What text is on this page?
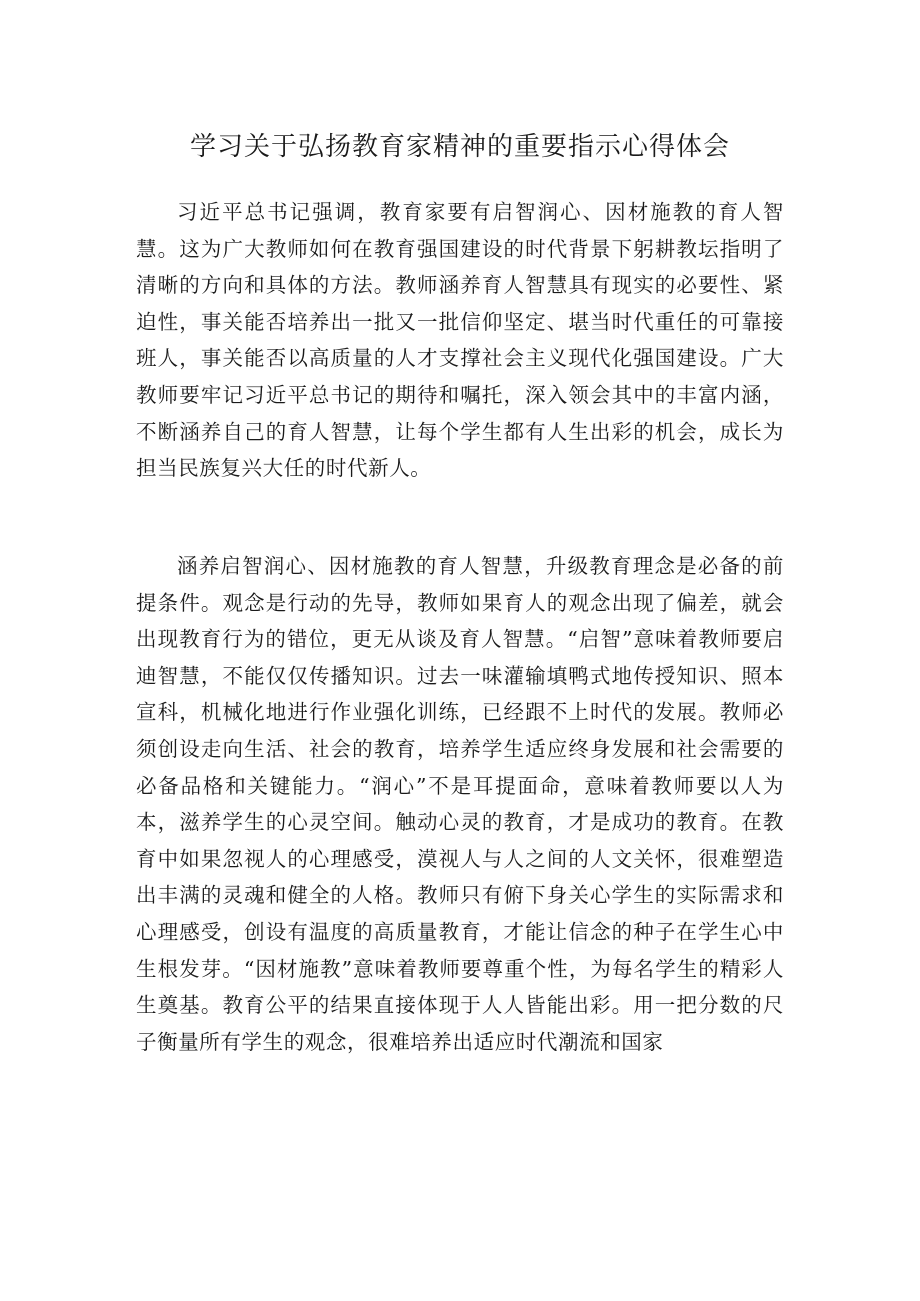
学习关于弘扬教育家精神的重要指示心得体会

习近平总书记强调，教育家要有启智润心、因材施教的育人智慧。这为广大教师如何在教育强国建设的时代背景下躬耕教坛指明了清晰的方向和具体的方法。教师涵养育人智慧具有现实的必要性、紧迫性，事关能否培养出一批又一批信仰坚定、堪当时代重任的可靠接班人，事关能否以高质量的人才支撑社会主义现代化强国建设。广大教师要牢记习近平总书记的期待和嘱托，深入领会其中的丰富内涵，不断涵养自己的育人智慧，让每个学生都有人生出彩的机会，成长为担当民族复兴大任的时代新人。

涵养启智润心、因材施教的育人智慧，升级教育理念是必备的前提条件。观念是行动的先导，教师如果育人的观念出现了偏差，就会出现教育行为的错位，更无从谈及育人智慧。“启智”意味着教师要启迪智慧，不能仅仅传播知识。过去一味灌输填鸭式地传授知识、照本宣科，机械化地进行作业强化训练，已经跟不上时代的发展。教师必须创设走向生活、社会的教育，培养学生适应终身发展和社会需要的必备品格和关键能力。“润心”不是耳提面命，意味着教师要以人为本，滋养学生的心灵空间。触动心灵的教育，才是成功的教育。在教育中如果忽视人的心理感受，漠视人与人之间的人文关怀，很难塑造出丰满的灵魂和健全的人格。教师只有俯下身关心学生的实际需求和心理感受，创设有温度的高质量教育，才能让信念的种子在学生心中生根发芽。“因材施教”意味着教师要尊重个性，为每名学生的精彩人生奠基。教育公平的结果直接体现于人人皆能出彩。用一把分数的尺子衡量所有学生的观念，很难培养出适应时代潮流和国家
